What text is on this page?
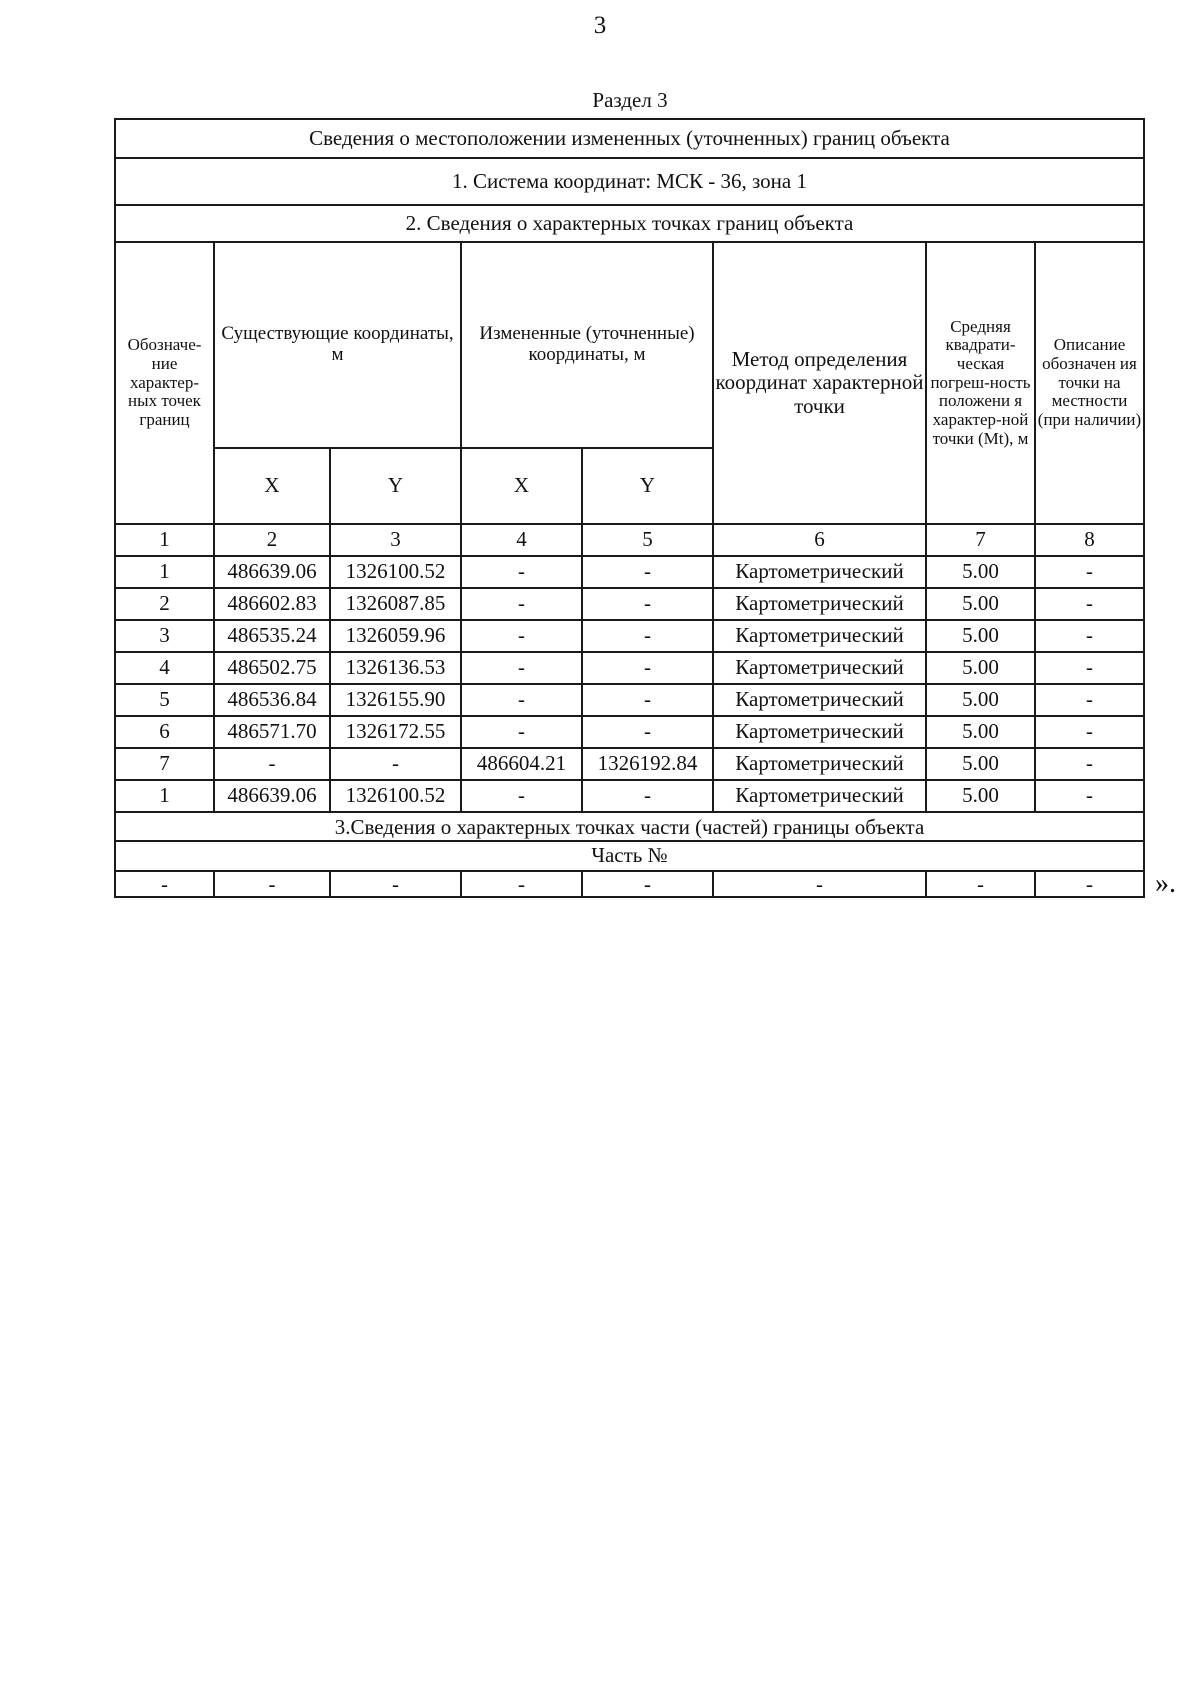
3
Раздел 3
Сведения о местоположении измененных (уточненных) границ объекта							
1. Система координат: МСК - 36, зона 1							
2. Сведения о характерных точках границ объекта							
Обозначе-ние характер-ных точек границ	Существующие координаты, м		Измененные (уточненные) координаты, м		Метод определения координат характерной точки	Средняя квадрати-ческая погреш-ность положени я характер-ной точки (Mt), м	Описание обозначен ия точки на местности (при наличии)
	X	Y	X	Y			
1	2	3	4	5	6	7	8
1	486639.06	1326100.52	-	-	Картометрический	5.00	-
2	486602.83	1326087.85	-	-	Картометрический	5.00	-
3	486535.24	1326059.96	-	-	Картометрический	5.00	-
4	486502.75	1326136.53	-	-	Картометрический	5.00	-
5	486536.84	1326155.90	-	-	Картометрический	5.00	-
6	486571.70	1326172.55	-	-	Картометрический	5.00	-
7	-	-	486604.21	1326192.84	Картометрический	5.00	-
1	486639.06	1326100.52	-	-	Картометрический	5.00	-
3.Сведения о характерных точках части (частей) границы объекта							
Часть №							
-	-	-	-	-	-	-	- ».
